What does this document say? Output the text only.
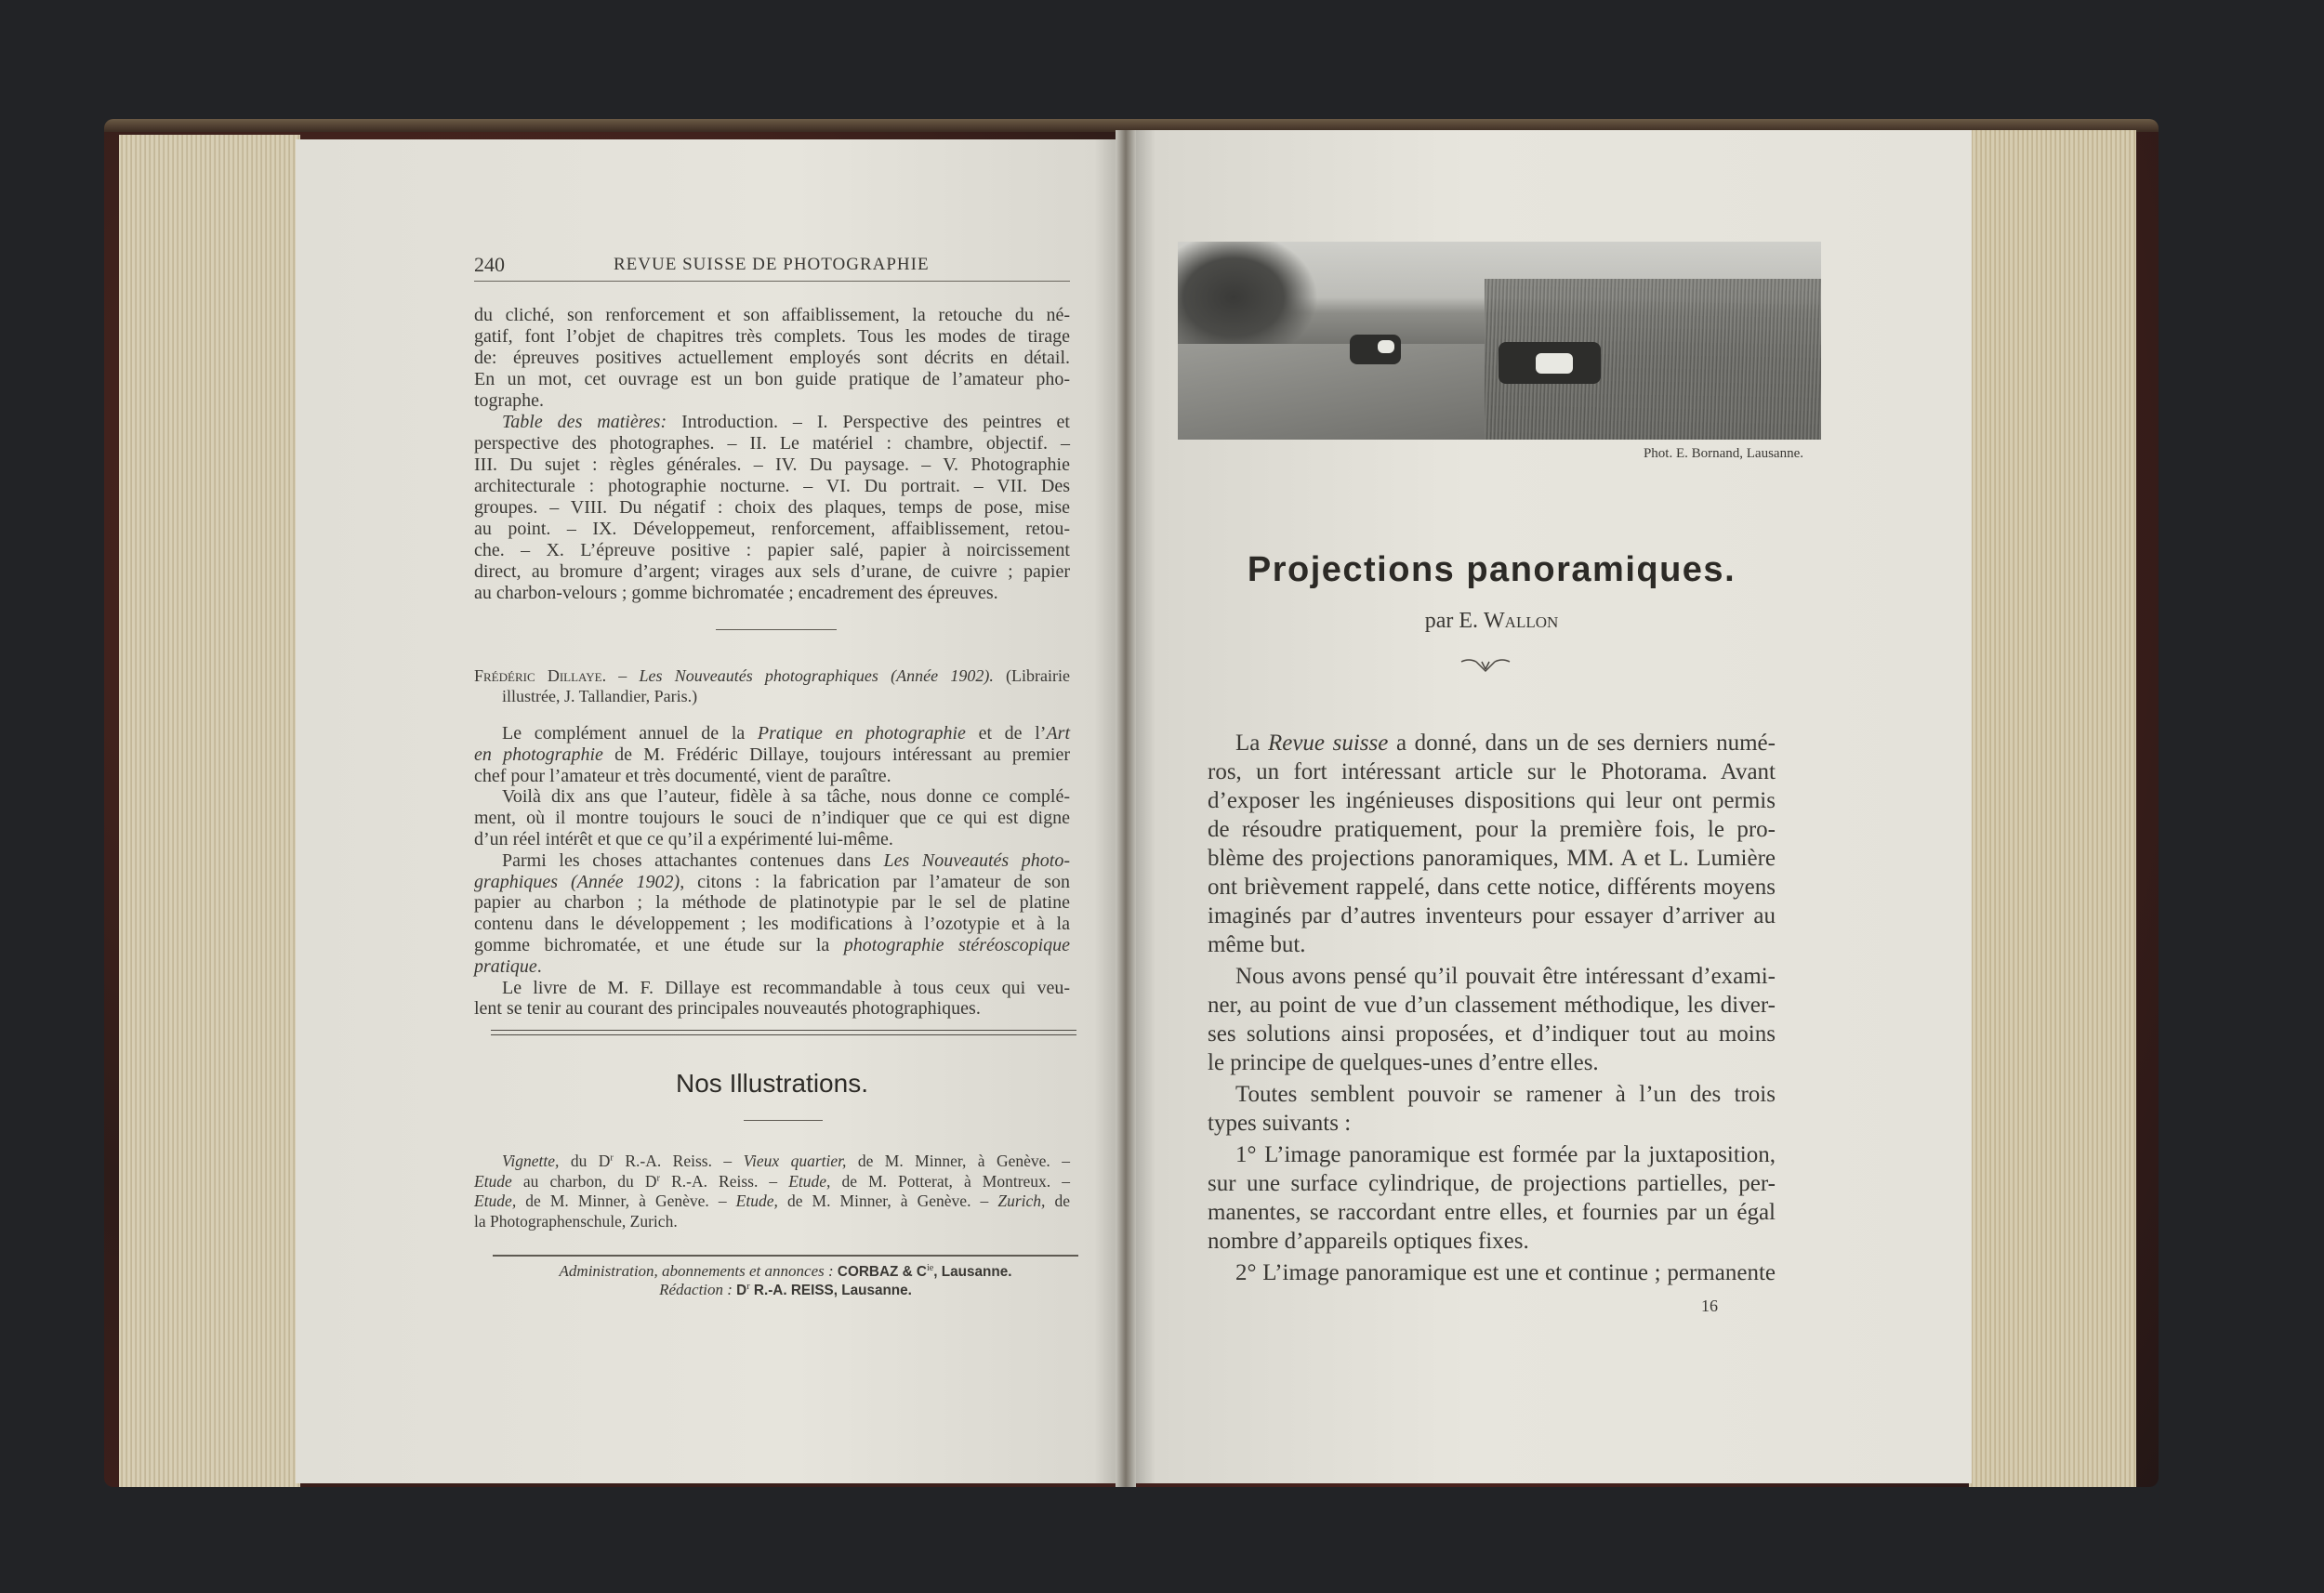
240	REVUE SUISSE DE PHOTOGRAPHIE
du cliché, son renforcement et son affaiblissement, la retouche du né-
gatif, font l’objet de chapitres très complets. Tous les modes de tirage
de: épreuves positives actuellement employés sont décrits en détail.
En un mot, cet ouvrage est un bon guide pratique de l’amateur pho-
tographe.
Table des matières: Introduction. – I. Perspective des peintres et
perspective des photographes. – II. Le matériel : chambre, objectif. –
III. Du sujet : règles générales. – IV. Du paysage. – V. Photographie
architecturale : photographie nocturne. – VI. Du portrait. – VII. Des
groupes. – VIII. Du négatif : choix des plaques, temps de pose, mise
au point. – IX. Développemeut, renforcement, affaiblissement, retou-
che. – X. L’épreuve positive : papier salé, papier à noircissement
direct, au bromure d’argent; virages aux sels d’urane, de cuivre ; papier
au charbon-velours ; gomme bichromatée ; encadrement des épreuves.
Frédéric Dillaye. – Les Nouveautés photographiques (Année 1902). (Librairie
illustrée, J. Tallandier, Paris.)
Le complément annuel de la Pratique en photographie et de l’Art
en photographie de M. Frédéric Dillaye, toujours intéressant au premier
chef pour l’amateur et très documenté, vient de paraître.
Voilà dix ans que l’auteur, fidèle à sa tâche, nous donne ce complé-
ment, où il montre toujours le souci de n’indiquer que ce qui est digne
d’un réel intérêt et que ce qu’il a expérimenté lui-même.
Parmi les choses attachantes contenues dans Les Nouveautés photo-
graphiques (Année 1902), citons : la fabrication par l’amateur de son
papier au charbon ; la méthode de platinotypie par le sel de platine
contenu dans le développement ; les modifications à l’ozotypie et à la
gomme bichromatée, et une étude sur la photographie stéréoscopique
pratique.
Le livre de M. F. Dillaye est recommandable à tous ceux qui veu-
lent se tenir au courant des principales nouveautés photographiques.
Nos Illustrations.
Vignette, du $D^r$ R.-A. Reiss. – Vieux quartier, de M. Minner, à Genève. –
Etude au charbon, du $D^r$ R.-A. Reiss. – Etude, de M. Potterat, à Montreux. –
Etude, de M. Minner, à Genève. – Etude, de M. Minner, à Genève. – Zurich, de
la Photographenschule, Zurich.
Administration, abonnements et annonces : CORBAZ & $C^{ie}$, Lausanne.
Rédaction : $D^r$ R.-A. REISS, Lausanne.
Phot. E. Bornand, Lausanne.
Projections panoramiques.
par E. Wallon
La Revue suisse a donné, dans un de ses derniers numé-
ros, un fort intéressant article sur le Photorama. Avant
d’exposer les ingénieuses dispositions qui leur ont permis
de résoudre pratiquement, pour la première fois, le pro-
blème des projections panoramiques, MM. A et L. Lumière
ont brièvement rappelé, dans cette notice, différents moyens
imaginés par d’autres inventeurs pour essayer d’arriver au
même but.
Nous avons pensé qu’il pouvait être intéressant d’exami-
ner, au point de vue d’un classement méthodique, les diver-
ses solutions ainsi proposées, et d’indiquer tout au moins
le principe de quelques-unes d’entre elles.
Toutes semblent pouvoir se ramener à l’un des trois
types suivants :
1° L’image panoramique est formée par la juxtaposition,
sur une surface cylindrique, de projections partielles, per-
manentes, se raccordant entre elles, et fournies par un égal
nombre d’appareils optiques fixes.
2° L’image panoramique est une et continue ; permanente
16
